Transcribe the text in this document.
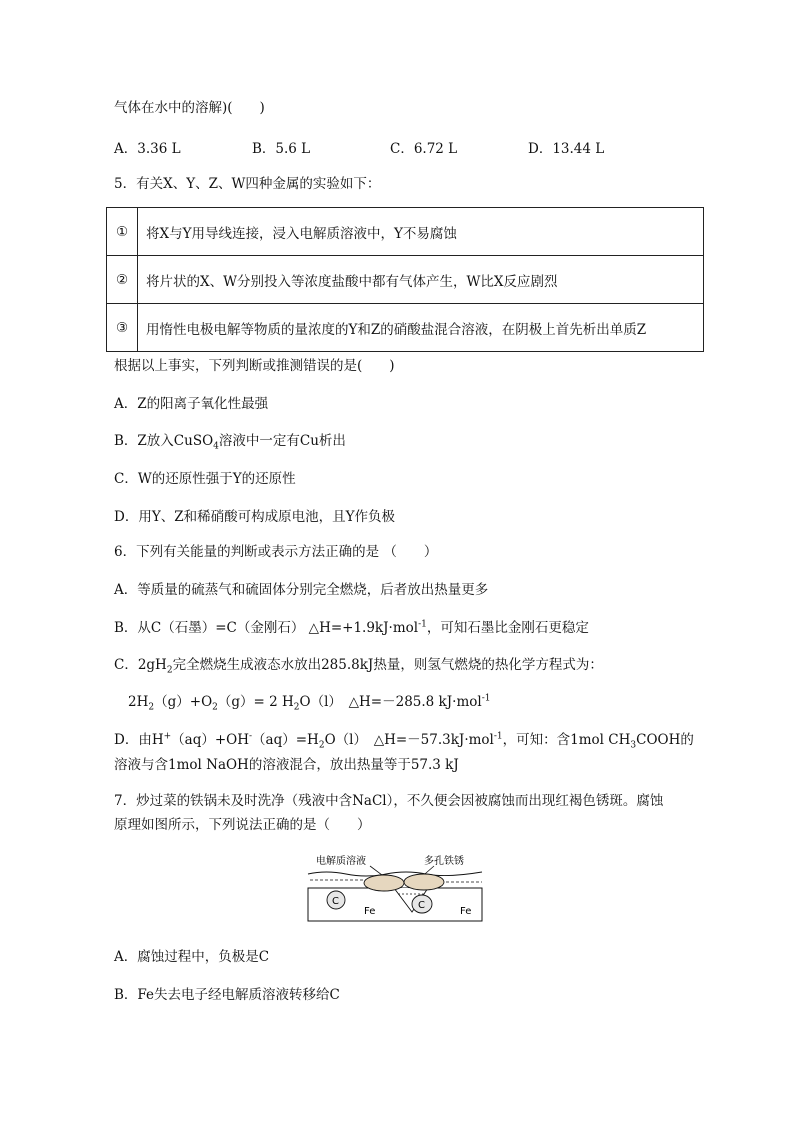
气体在水中的溶解)(　　)
A．3.36 L	B．5.6 L	C．6.72 L	D．13.44 L
5．有关X、Y、Z、W四种金属的实验如下：
①	将X与Y用导线连接，浸入电解质溶液中，Y不易腐蚀
②	将片状的X、W分别投入等浓度盐酸中都有气体产生，W比X反应剧烈
③	用惰性电极电解等物质的量浓度的Y和Z的硝酸盐混合溶液，在阴极上首先析出单质Z
根据以上事实，下列判断或推测错误的是(　　)
A．Z的阳离子氧化性最强
B．Z放入CuSO$_4$溶液中一定有Cu析出
C．W的还原性强于Y的还原性
D．用Y、Z和稀硝酸可构成原电池，且Y作负极
6．下列有关能量的判断或表示方法正确的是 （　　）
A．等质量的硫蒸气和硫固体分别完全燃烧，后者放出热量更多
B．从C（石墨）=C（金刚石） △H=+1.9kJ·mol$^{-1}$，可知石墨比金刚石更稳定
C．$2gH_2$完全燃烧生成液态水放出285.8kJ热量，则氢气燃烧的热化学方程式为：
$2H_2(g)+O_2(g)= 2$ $H_2O(l)$　△H=－285.8 kJ·mol$^{-1}$
D．由$H^+(aq)+OH^-(aq)=H_2O(l)$　△H=－57.3kJ·mol$^{-1}$，可知：含1mol $CH_3COOH$的
溶液与含1mol NaOH的溶液混合，放出热量等于57.3 kJ
7．炒过菜的铁锅未及时洗净（残液中含NaCl），不久便会因被腐蚀而出现红褐色锈斑。腐蚀
原理如图所示，下列说法正确的是（　　）
电解质溶液	多孔铁锈
C	C
Fe	Fe
A．腐蚀过程中，负极是C
B．Fe失去电子经电解质溶液转移给C
